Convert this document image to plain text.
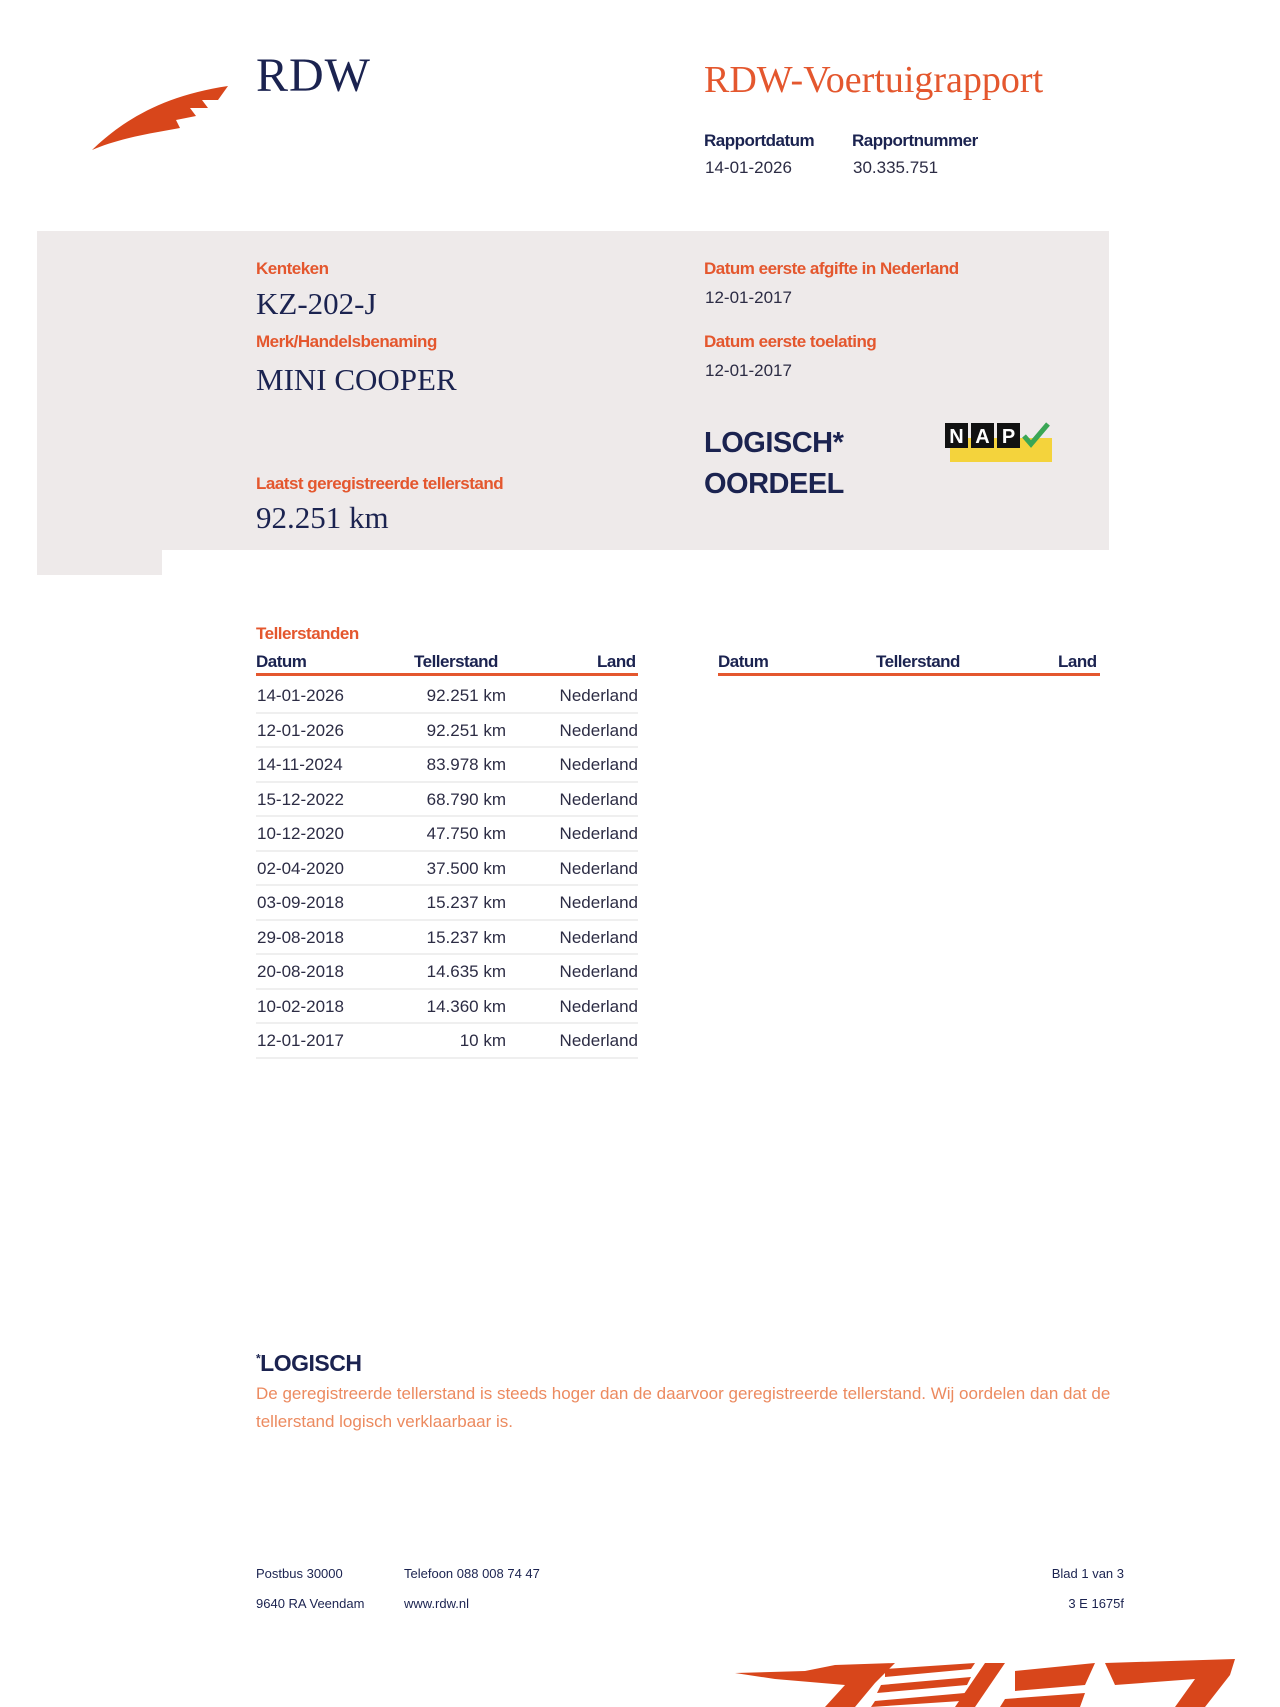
RDW	RDW-Voertuigrapport
Rapportdatum
14-01-2026
Rapportnummer
30.335.751
Kenteken
KZ-202-J
Merk/Handelsbenaming
MINI COOPER
Laatst geregistreerde tellerstand
92.251 km
Datum eerste afgifte in Nederland
12-01-2017
Datum eerste toelating
12-01-2017
LOGISCH*
OORDEEL
N A P
Tellerstanden
Datum	Tellerstand	Land	Datum	Tellerstand	Land
14-01-2026	92.251 km	Nederland
12-01-2026	92.251 km	Nederland
14-11-2024	83.978 km	Nederland
15-12-2022	68.790 km	Nederland
10-12-2020	47.750 km	Nederland
02-04-2020	37.500 km	Nederland
03-09-2018	15.237 km	Nederland
29-08-2018	15.237 km	Nederland
20-08-2018	14.635 km	Nederland
10-02-2018	14.360 km	Nederland
12-01-2017	10 km	Nederland
*LOGISCH
De geregistreerde tellerstand is steeds hoger dan de daarvoor geregistreerde tellerstand. Wij oordelen dan dat de tellerstand logisch verklaarbaar is.
Postbus 30000
9640 RA Veendam
Telefoon 088 008 74 47
www.rdw.nl
Blad 1 van 3
3 E 1675f
